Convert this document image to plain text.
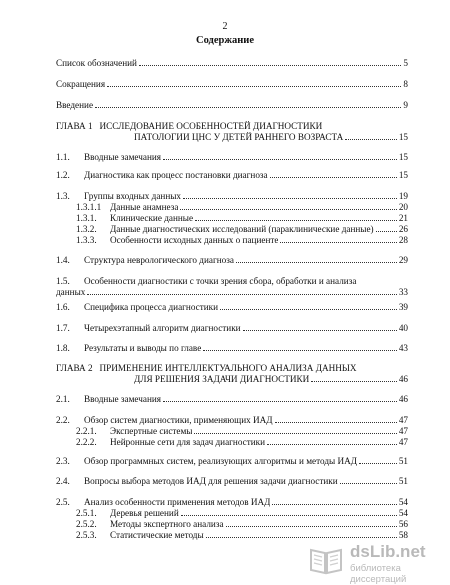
2
Содержание
Список обозначений	5
Сокращения	8
Введение	9
ГЛАВА 1 ИССЛЕДОВАНИЕ ОСОБЕННОСТЕЙ ДИАГНОСТИКИ
ПАТОЛОГИИ ЦНС У ДЕТЕЙ РАННЕГО ВОЗРАСТА	15
1.1. Вводные замечания	15
1.2. Диагностика как процесс постановки диагноза	15
1.3. Группы входных данных	19
1.3.1.1 Данные анамнеза	20
1.3.1. Клинические данные	21
1.3.2. Данные диагностических исследований (параклинические данные)	26
1.3.3. Особенности исходных данных о пациенте	28
1.4. Структура неврологического диагноза	29
1.5. Особенности диагностики с точки зрения сбора, обработки и анализа
данных	33
1.6. Специфика процесса диагностики	39
1.7. Четырехэтапный алгоритм диагностики	40
1.8. Результаты и выводы по главе	43
ГЛАВА 2 ПРИМЕНЕНИЕ ИНТЕЛЛЕКТУАЛЬНОГО АНАЛИЗА ДАННЫХ
ДЛЯ РЕШЕНИЯ ЗАДАЧИ ДИАГНОСТИКИ	46
2.1. Вводные замечания	46
2.2. Обзор систем диагностики, применяющих ИАД	47
2.2.1. Экспертные системы	47
2.2.2. Нейронные сети для задач диагностики	47
2.3. Обзор программных систем, реализующих алгоритмы и методы ИАД	51
2.4. Вопросы выбора методов ИАД для решения задачи диагностики	51
2.5. Анализ особенности применения методов ИАД	54
2.5.1. Деревья решений	54
2.5.2. Методы экспертного анализа	56
2.5.3. Статистические методы	58
dsLib.net
библиотека диссертаций
